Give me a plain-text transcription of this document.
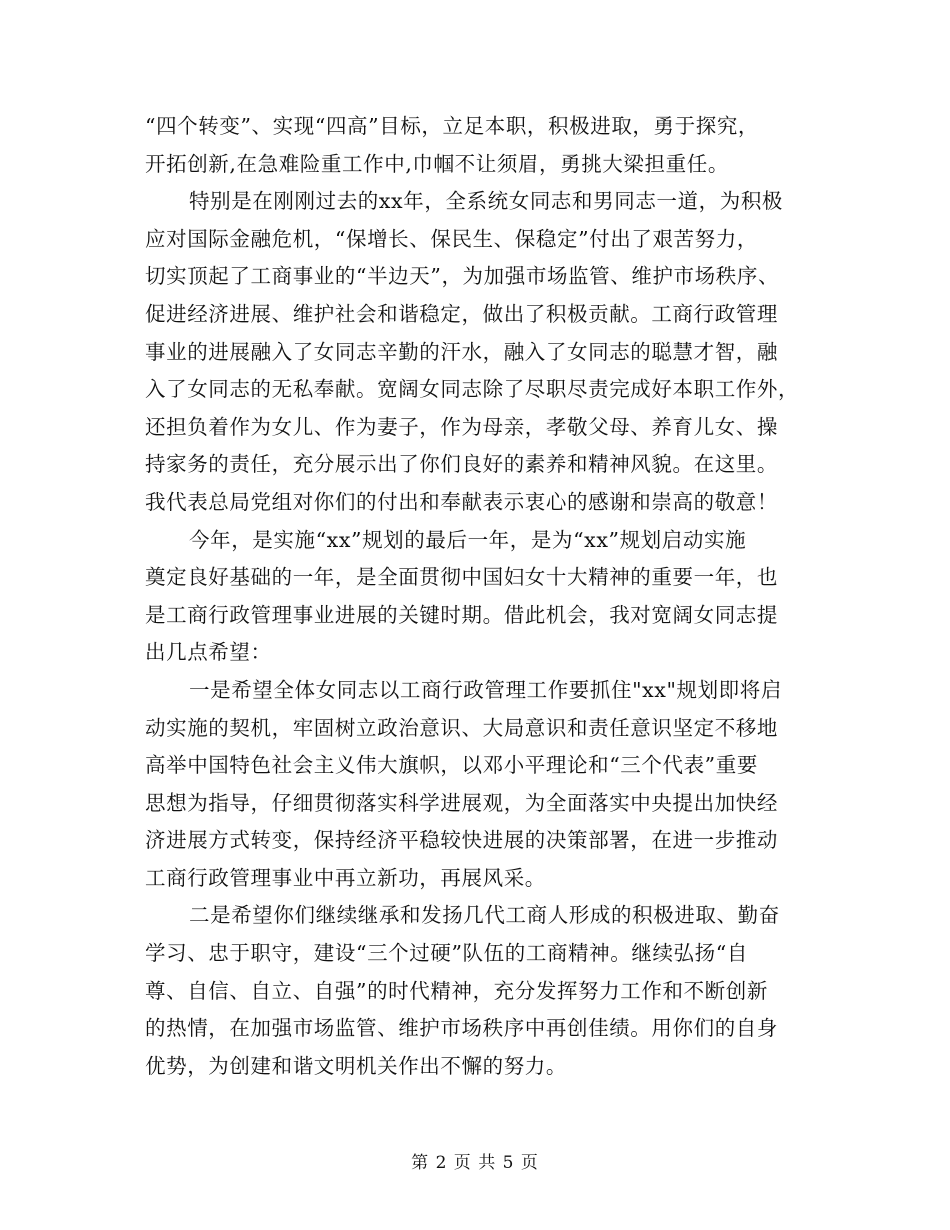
“四个转变”、实现“四高”目标，立足本职，积极进取，勇于探究，
开拓创新,在急难险重工作中,巾帼不让须眉，勇挑大梁担重任。
特别是在刚刚过去的xx年，全系统女同志和男同志一道，为积极
应对国际金融危机，“保增长、保民生、保稳定”付出了艰苦努力，
切实顶起了工商事业的“半边天”，为加强市场监管、维护市场秩序、
促进经济进展、维护社会和谐稳定，做出了积极贡献。工商行政管理
事业的进展融入了女同志辛勤的汗水，融入了女同志的聪慧才智，融
入了女同志的无私奉献。宽阔女同志除了尽职尽责完成好本职工作外，
还担负着作为女儿、作为妻子，作为母亲，孝敬父母、养育儿女、操
持家务的责任，充分展示出了你们良好的素养和精神风貌。在这里。
我代表总局党组对你们的付出和奉献表示衷心的感谢和崇高的敬意！
今年，是实施“xx”规划的最后一年，是为“xx”规划启动实施
奠定良好基础的一年，是全面贯彻中国妇女十大精神的重要一年，也
是工商行政管理事业进展的关键时期。借此机会，我对宽阔女同志提
出几点希望：
一是希望全体女同志以工商行政管理工作要抓住"xx"规划即将启
动实施的契机，牢固树立政治意识、大局意识和责任意识坚定不移地
高举中国特色社会主义伟大旗帜，以邓小平理论和“三个代表”重要
思想为指导，仔细贯彻落实科学进展观，为全面落实中央提出加快经
济进展方式转变，保持经济平稳较快进展的决策部署，在进一步推动
工商行政管理事业中再立新功，再展风采。
二是希望你们继续继承和发扬几代工商人形成的积极进取、勤奋
学习、忠于职守，建设“三个过硬”队伍的工商精神。继续弘扬“自
尊、自信、自立、自强”的时代精神，充分发挥努力工作和不断创新
的热情，在加强市场监管、维护市场秩序中再创佳绩。用你们的自身
优势，为创建和谐文明机关作出不懈的努力。
第 2 页 共 5 页
